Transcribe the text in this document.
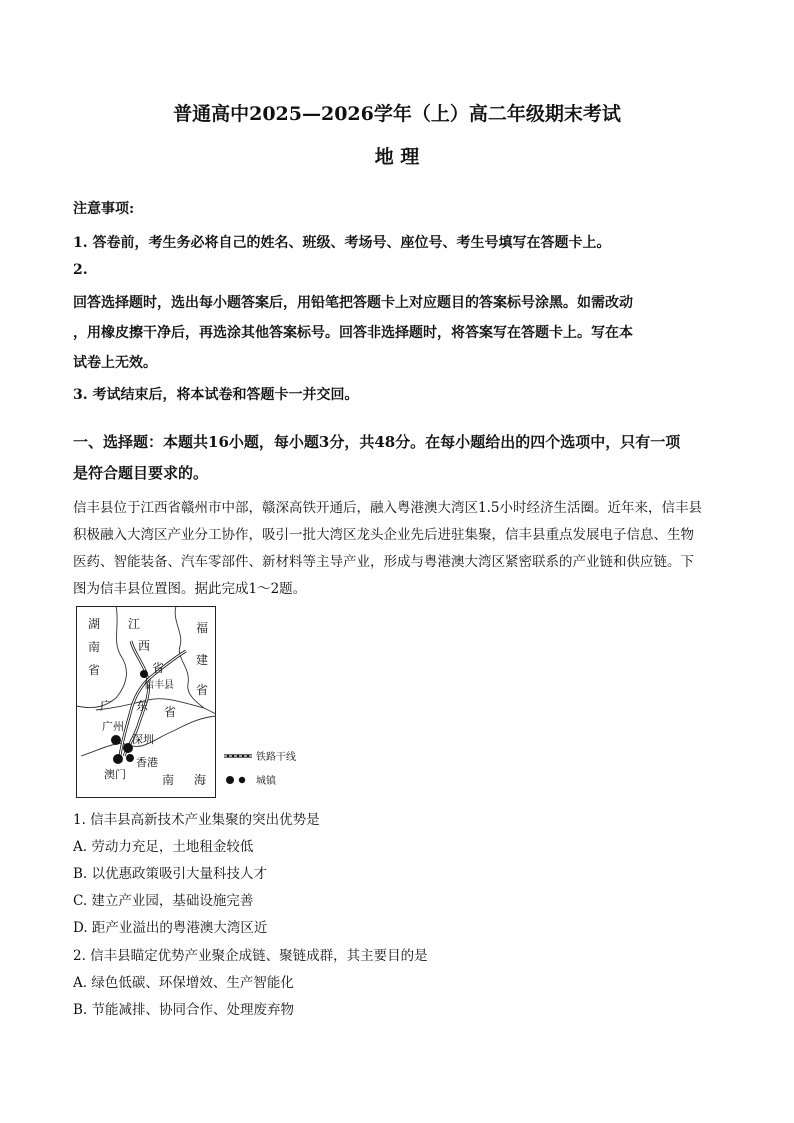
普通高中2025—2026学年（上）高二年级期末考试
地 理
注意事项:
1. 答卷前，考生务必将自己的姓名、班级、考场号、座位号、考生号填写在答题卡上。
2.
回答选择题时，选出每小题答案后，用铅笔把答题卡上对应题目的答案标号涂黑。如需改动
，用橡皮擦干净后，再选涂其他答案标号。回答非选择题时，将答案写在答题卡上。写在本
试卷上无效。
3. 考试结束后，将本试卷和答题卡一并交回。
一、选择题：本题共16小题，每小题3分，共48分。在每小题给出的四个选项中，只有一项
是符合题目要求的。
信丰县位于江西省赣州市中部，赣深高铁开通后，融入粤港澳大湾区1.5小时经济生活圈。近年来，信丰县
积极融入大湾区产业分工协作，吸引一批大湾区龙头企业先后进驻集聚，信丰县重点发展电子信息、生物
医药、智能装备、汽车零部件、新材料等主导产业，形成与粤港澳大湾区紧密联系的产业链和供应链。下
图为信丰县位置图。据此完成1～2题。
湖
南
省
江
西
省
福
建
省
广 东 省
信丰县
广州
深圳
香港
澳门	南 海
铁路干线
城镇
1. 信丰县高新技术产业集聚的突出优势是
A. 劳动力充足，土地租金较低
B. 以优惠政策吸引大量科技人才
C. 建立产业园，基础设施完善
D. 距产业溢出的粤港澳大湾区近
2. 信丰县瞄定优势产业聚企成链、聚链成群，其主要目的是
A. 绿色低碳、环保增效、生产智能化
B. 节能减排、协同合作、处理废弃物
